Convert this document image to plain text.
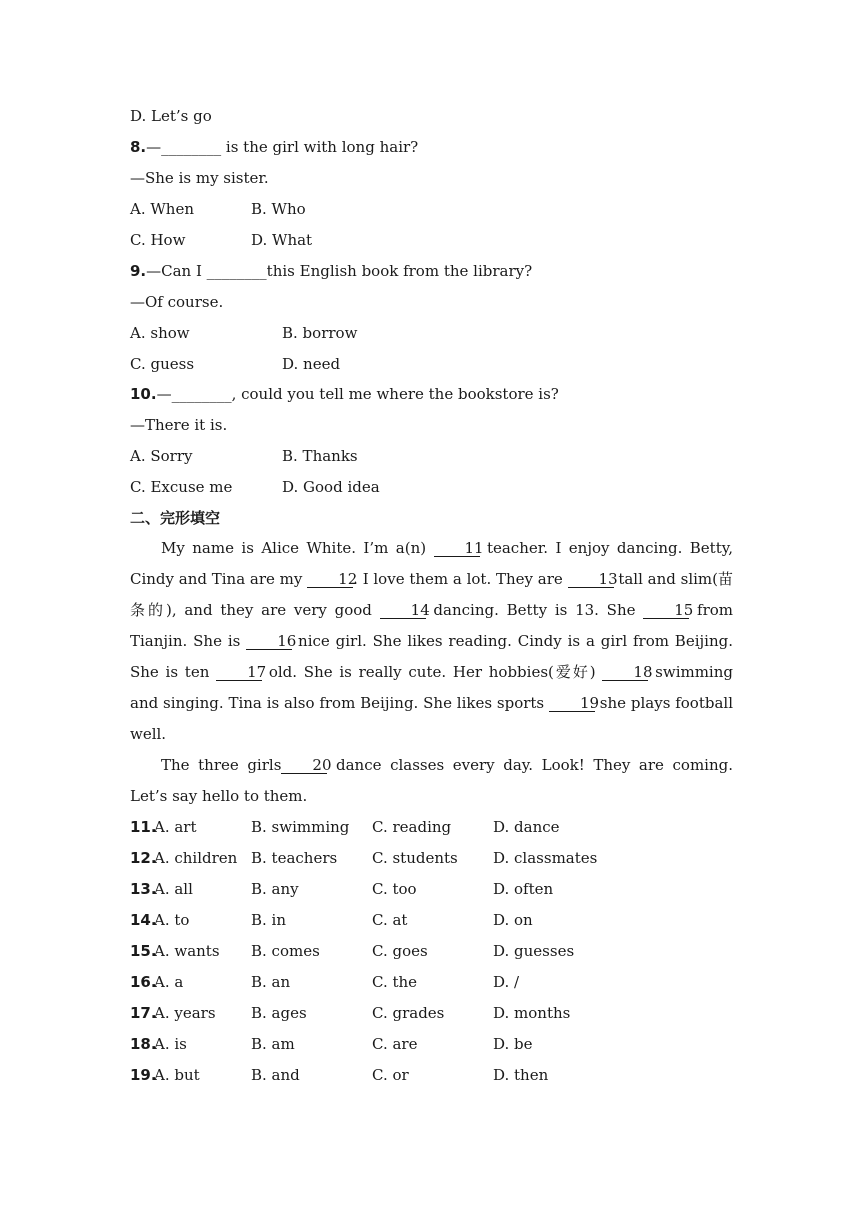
D. Let’s go
8.—________ is the girl with long hair?
—She is my sister.
A. When	B. Who
C. How	D. What
9.—Can I ________this English book from the library?
—Of course.
A. show	B. borrow
C. guess	D. need
10.—________, could you tell me where the bookstore is?
—There it is.
A. Sorry	B. Thanks
C. Excuse me	D. Good idea
二、完形填空
My name is Alice White. I’m a(n) 11 teacher. I enjoy dancing. Betty, Cindy and Tina are my 12. I love them a lot. They are 13 tall and slim(苗条的), and they are very good 14 dancing. Betty is 13. She 15 from Tianjin. She is 16 nice girl. She likes reading. Cindy is a girl from Beijing. She is ten 17 old. She is really cute. Her hobbies(爱好) 18 swimming and singing. Tina is also from Beijing. She likes sports 19 she plays football well.
The three girls 20 dance classes every day. Look! They are coming. Let’s say hello to them.
11.
A. art	B. swimming C. reading	D. dance
12.
A. children B. teachers C. students D. classmates
13.
A. all	B. any	C. too	D. often
14.
A. to	B. in	C. at	D. on
15.
A. wants B. comes	C. goes	D. guesses
16.
A. a	B. an	C. the	D. /
17.
A. years B. ages	C. grades	D. months
18.
A. is	B. am	C. are	D. be
19.
A. but	B. and	C. or	D. then
